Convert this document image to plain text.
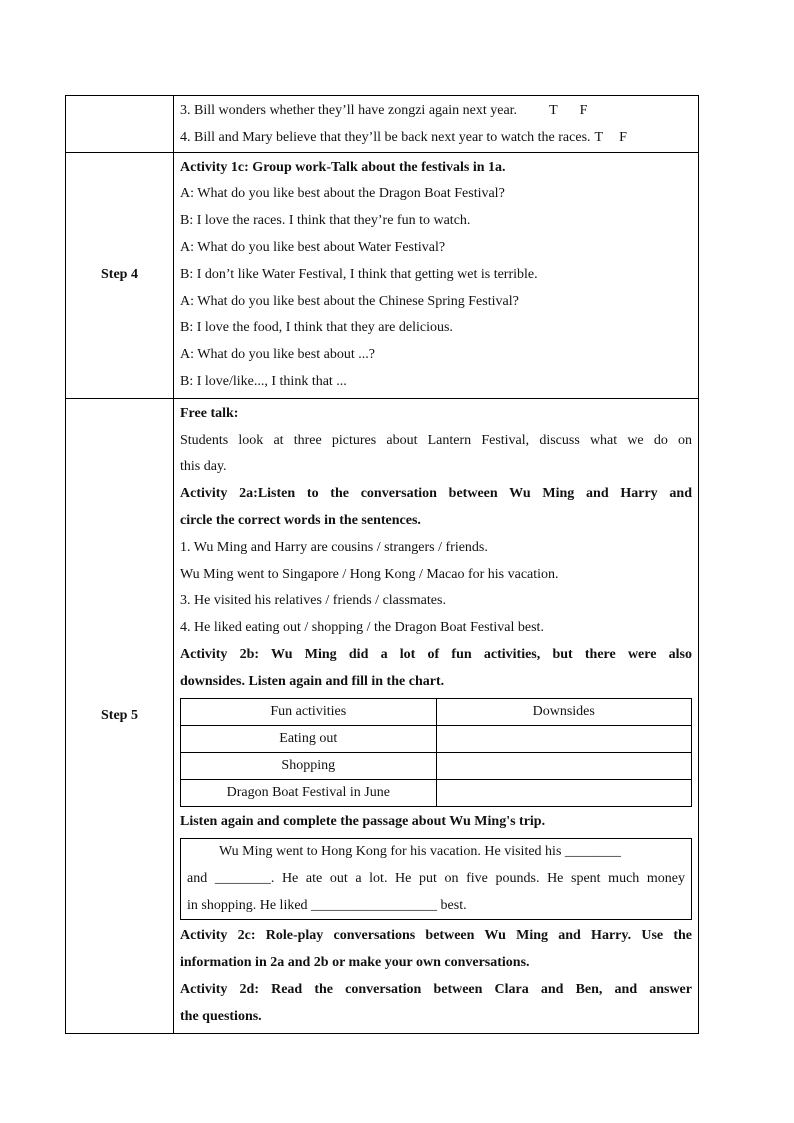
3. Bill wonders whether they’ll have zongzi again next year. T F
4. Bill and Mary believe that they’ll be back next year to watch the races. T F

Step 4	
Activity 1c: Group work-Talk about the festivals in 1a.
A: What do you like best about the Dragon Boat Festival?
B: I love the races. I think that they’re fun to watch.
A: What do you like best about Water Festival?
B: I don’t like Water Festival, I think that getting wet is terrible.
A: What do you like best about the Chinese Spring Festival?
B: I love the food, I think that they are delicious.
A: What do you like best about ...?
B: I love/like..., I think that ...

Step 5	
Free talk:
Students look at three pictures about Lantern Festival, discuss what we do on
this day.
Activity 2a:Listen to the conversation between Wu Ming and Harry and
circle the correct words in the sentences.
1. Wu Ming and Harry are cousins / strangers / friends.
Wu Ming went to Singapore / Hong Kong / Macao for his vacation.
3. He visited his relatives / friends / classmates.
4. He liked eating out / shopping / the Dragon Boat Festival best.
Activity 2b: Wu Ming did a lot of fun activities, but there were also
downsides. Listen again and fill in the chart.
Fun activities	Downsides
Eating out	
Shopping	
Dragon Boat Festival in June	
Listen again and complete the passage about Wu Ming's trip.
Wu Ming went to Hong Kong for his vacation. He visited his ________
and ________. He ate out a lot. He put on five pounds. He spent much money
in shopping. He liked __________________ best.
Activity 2c: Role-play conversations between Wu Ming and Harry. Use the
information in 2a and 2b or make your own conversations.
Activity 2d: Read the conversation between Clara and Ben, and answer
the questions.
